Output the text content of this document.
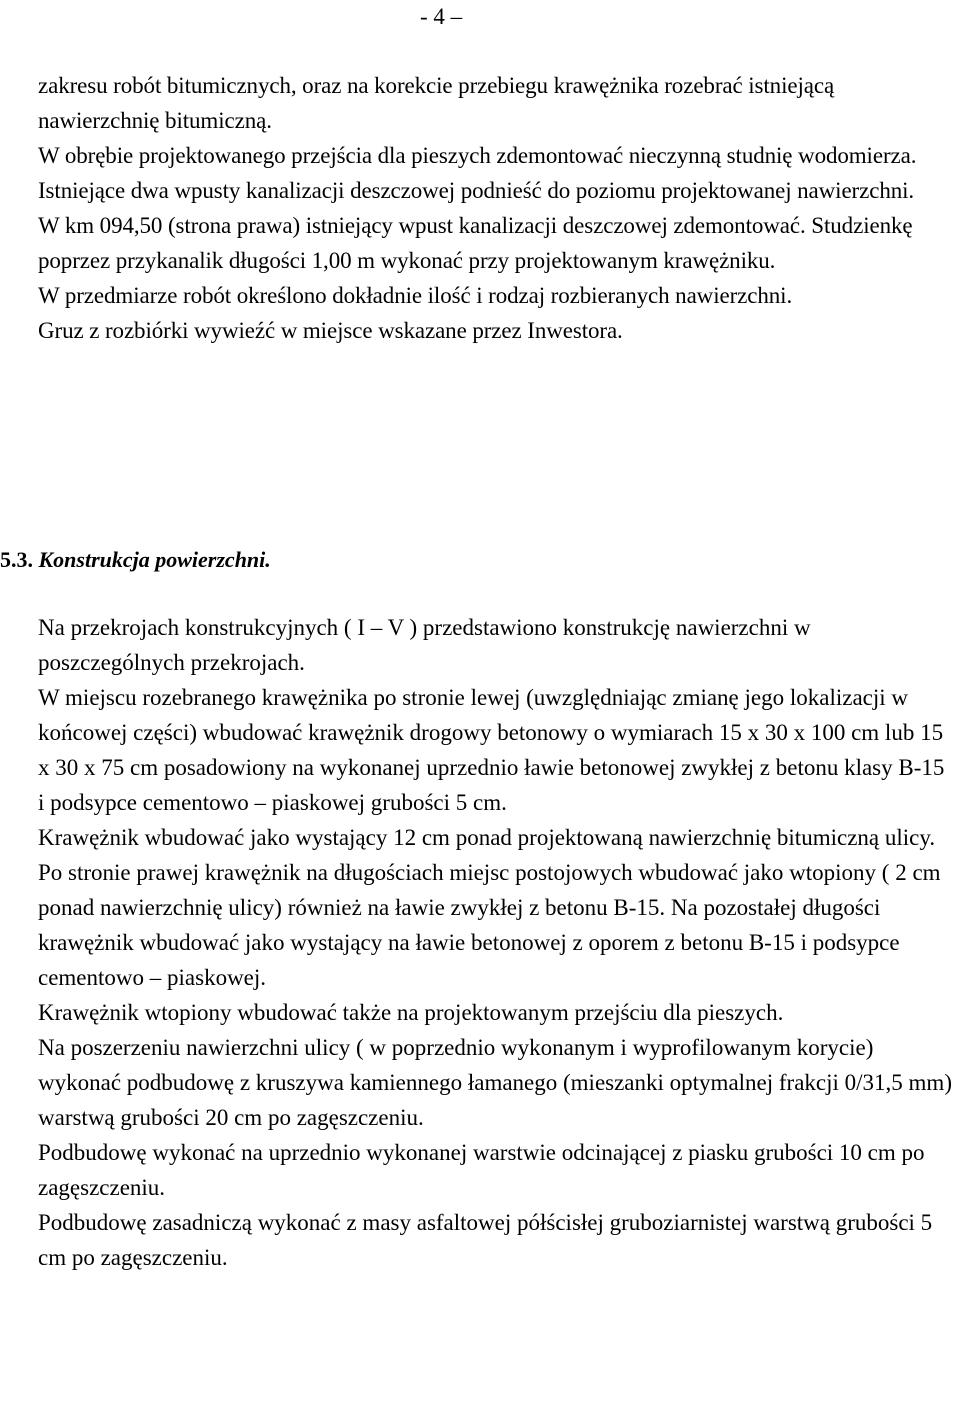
- 4 –

zakresu robót bitumicznych, oraz na korekcie przebiegu krawężnika rozebrać istniejącą nawierzchnię bitumiczną.

W obrębie projektowanego przejścia dla pieszych zdemontować nieczynną studnię wodomierza.

Istniejące dwa wpusty kanalizacji deszczowej podnieść do poziomu projektowanej nawierzchni.

W km 094,50 (strona prawa) istniejący wpust kanalizacji deszczowej zdemontować. Studzienkę poprzez przykanalik długości 1,00 m wykonać przy projektowanym krawężniku.

W przedmiarze robót określono dokładnie ilość i rodzaj rozbieranych nawierzchni.

Gruz z rozbiórki wywieźć w miejsce wskazane przez Inwestora.

5.3. Konstrukcja powierzchni.

Na przekrojach konstrukcyjnych ( I – V ) przedstawiono konstrukcję nawierzchni w poszczególnych przekrojach.

W miejscu rozebranego krawężnika po stronie lewej (uwzględniając zmianę jego lokalizacji w końcowej części) wbudować krawężnik drogowy betonowy o wymiarach 15 x 30 x 100 cm lub 15 x 30 x 75 cm posadowiony na wykonanej uprzednio ławie betonowej zwykłej z betonu klasy B-15 i podsypce cementowo – piaskowej grubości 5 cm.

Krawężnik wbudować jako wystający 12 cm ponad projektowaną nawierzchnię bitumiczną ulicy.

Po stronie prawej krawężnik na długościach miejsc postojowych wbudować jako wtopiony ( 2 cm ponad nawierzchnię ulicy) również na ławie zwykłej z betonu B-15. Na pozostałej długości krawężnik wbudować jako wystający na ławie betonowej z oporem z betonu B-15 i podsypce cementowo – piaskowej.

Krawężnik wtopiony wbudować także na projektowanym przejściu dla pieszych.

Na poszerzeniu nawierzchni ulicy ( w poprzednio wykonanym i wyprofilowanym korycie) wykonać podbudowę z kruszywa kamiennego łamanego (mieszanki optymalnej frakcji 0/31,5 mm) warstwą grubości 20 cm po zagęszczeniu.

Podbudowę wykonać na uprzednio wykonanej warstwie odcinającej z piasku grubości 10 cm po zagęszczeniu.

Podbudowę zasadniczą wykonać z masy asfaltowej półścisłej gruboziarnistej warstwą grubości 5 cm po zagęszczeniu.
